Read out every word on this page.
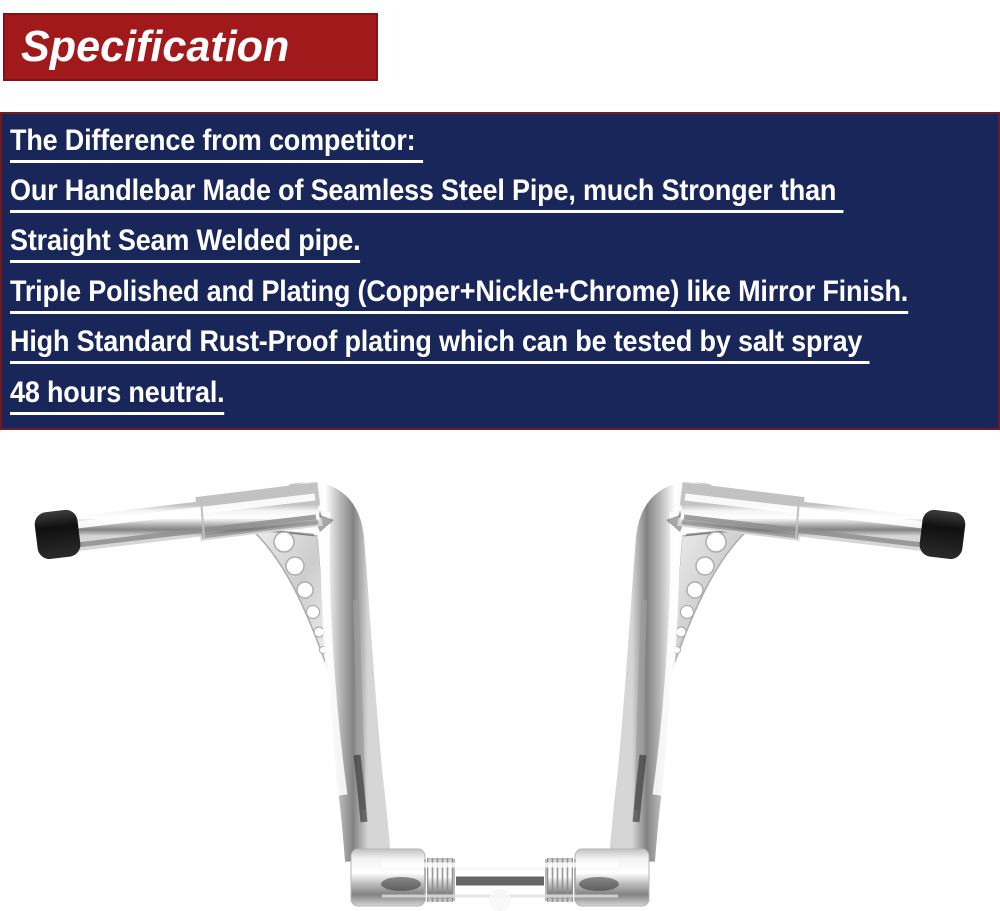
Specification
The Difference from competitor:
Our Handlebar Made of Seamless Steel Pipe, much Stronger than
Straight Seam Welded pipe.
Triple Polished and Plating (Copper+Nickle+Chrome) like Mirror Finish.
High Standard Rust-Proof plating which can be tested by salt spray
48 hours neutral.
